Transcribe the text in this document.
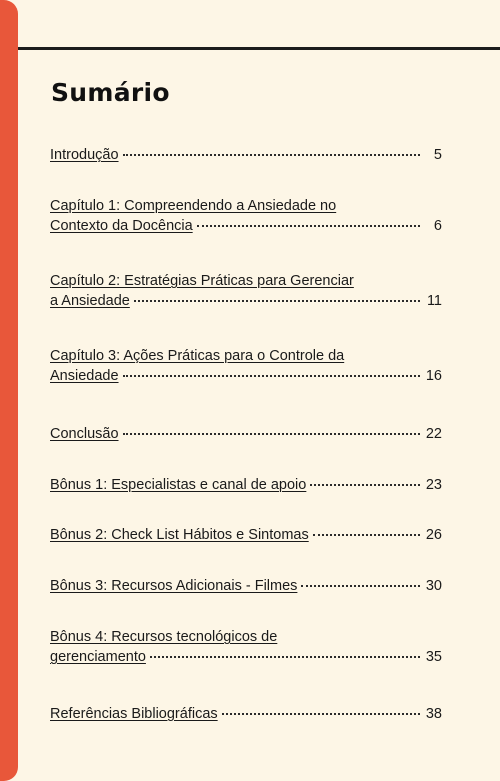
Sumário
Introdução	5
Capítulo 1: Compreendendo a Ansiedade no
Contexto da Docência	6
Capítulo 2: Estratégias Práticas para Gerenciar
a Ansiedade	11
Capítulo 3: Ações Práticas para o Controle da
Ansiedade	16
Conclusão	22
Bônus 1: Especialistas e canal de apoio	23
Bônus 2: Check List Hábitos e Sintomas	26
Bônus 3: Recursos Adicionais - Filmes	30
Bônus 4: Recursos tecnológicos de
gerenciamento	35
Referências Bibliográficas	38
